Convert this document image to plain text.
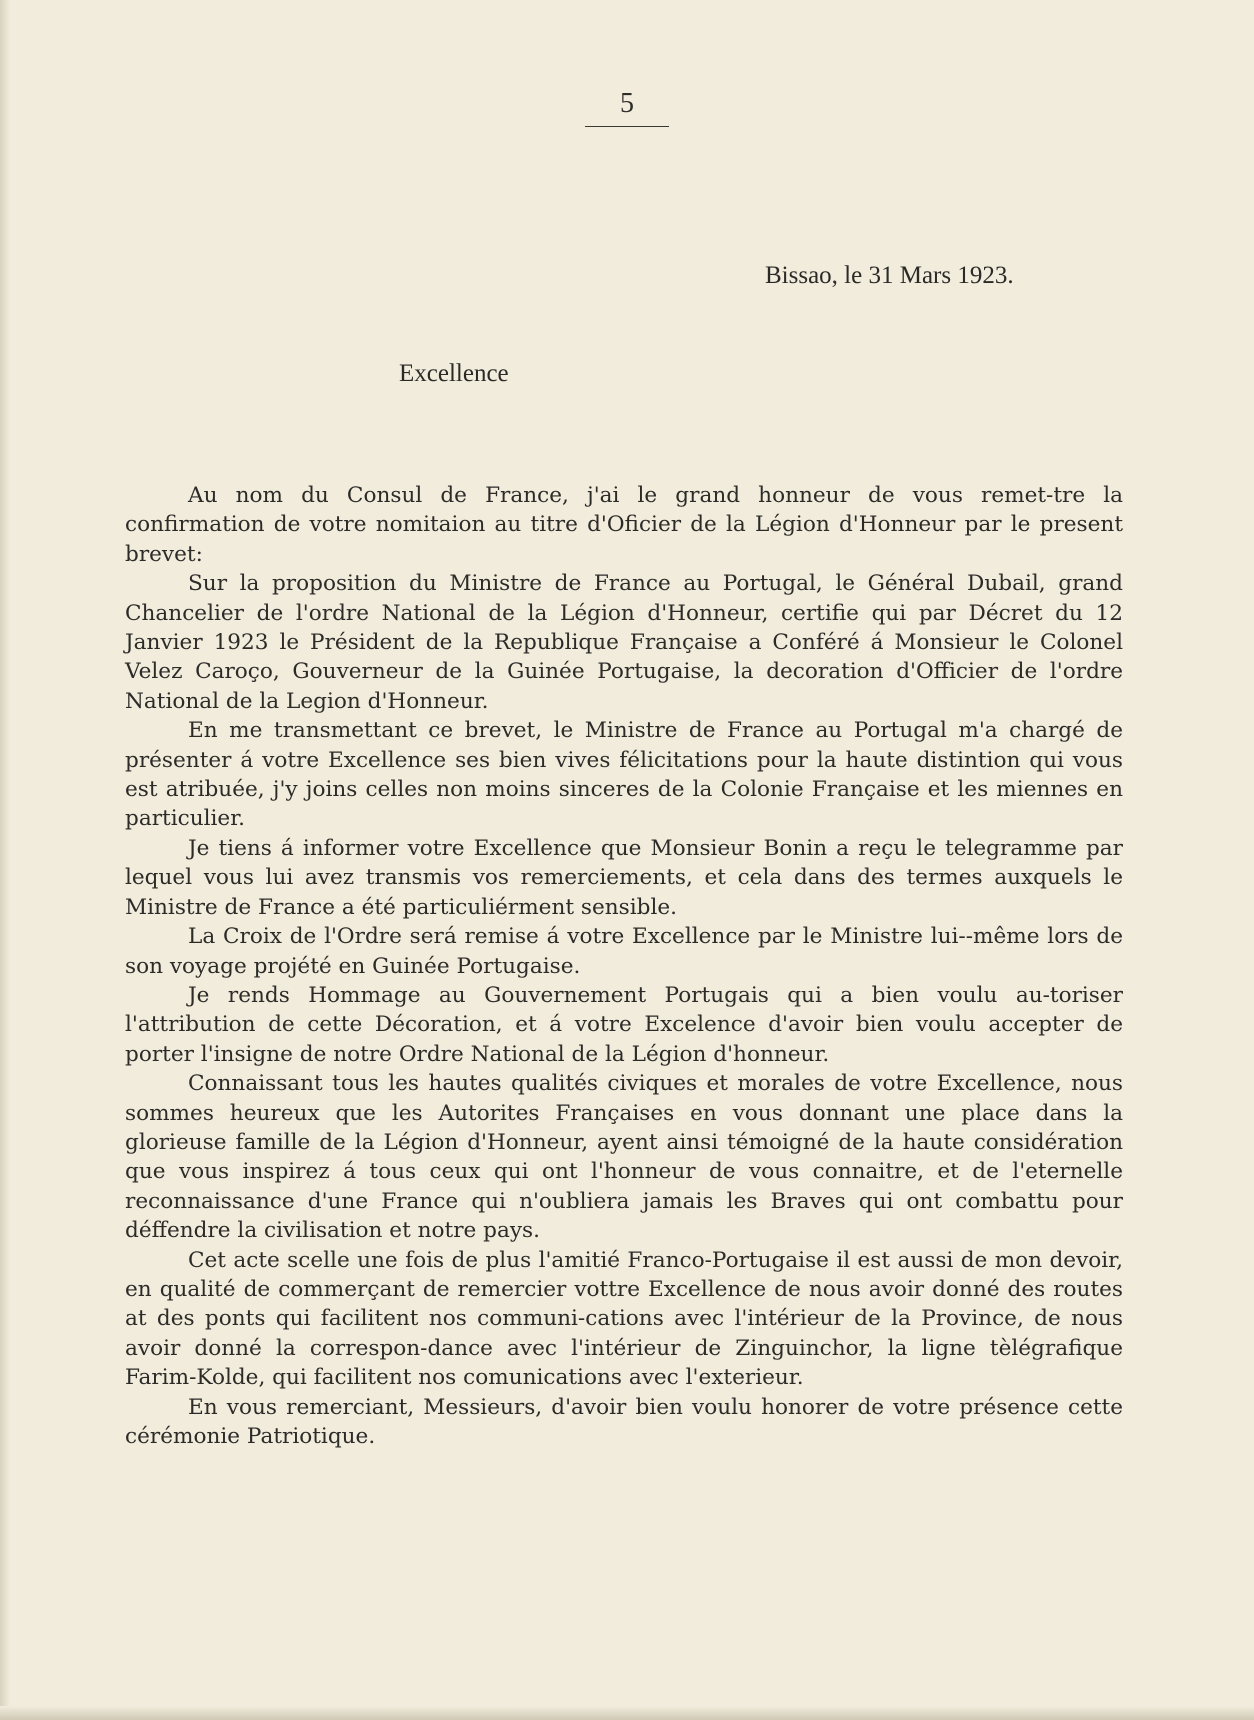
5
Bissao, le 31 Mars 1923.
Excellence

Au nom du Consul de France, j'ai le grand honneur de vous remet-tre la confirmation de votre nomitaion au titre d'Oficier de la Légion d'Honneur par le present brevet:

Sur la proposition du Ministre de France au Portugal, le Général Dubail, grand Chancelier de l'ordre National de la Légion d'Honneur, certifie qui par Décret du 12 Janvier 1923 le Président de la Republique Française a Conféré á Monsieur le Colonel Velez Caroço, Gouverneur de la Guinée Portugaise, la decoration d'Officier de l'ordre National de la Legion d'Honneur.

En me transmettant ce brevet, le Ministre de France au Portugal m'a chargé de présenter á votre Excellence ses bien vives félicitations pour la haute distintion qui vous est atribuée, j'y joins celles non moins sinceres de la Colonie Française et les miennes en particulier.

Je tiens á informer votre Excellence que Monsieur Bonin a reçu le telegramme par lequel vous lui avez transmis vos remerciements, et cela dans des termes auxquels le Ministre de France a été particuliérment sensible.

La Croix de l'Ordre será remise á votre Excellence par le Ministre lui--même lors de son voyage projété en Guinée Portugaise.

Je rends Hommage au Gouvernement Portugais qui a bien voulu au-toriser l'attribution de cette Décoration, et á votre Excelence d'avoir bien voulu accepter de porter l'insigne de notre Ordre National de la Légion d'honneur.

Connaissant tous les hautes qualités civiques et morales de votre Excellence, nous sommes heureux que les Autorites Françaises en vous donnant une place dans la glorieuse famille de la Légion d'Honneur, ayent ainsi témoigné de la haute considération que vous inspirez á tous ceux qui ont l'honneur de vous connaitre, et de l'eternelle reconnaissance d'une France qui n'oubliera jamais les Braves qui ont combattu pour déffendre la civilisation et notre pays.

Cet acte scelle une fois de plus l'amitié Franco-Portugaise il est aussi de mon devoir, en qualité de commerçant de remercier vottre Excellence de nous avoir donné des routes at des ponts qui facilitent nos communi-cations avec l'intérieur de la Province, de nous avoir donné la correspon-dance avec l'intérieur de Zinguinchor, la ligne tèlégrafique Farim-Kolde, qui facilitent nos comunications avec l'exterieur.

En vous remerciant, Messieurs, d'avoir bien voulu honorer de votre présence cette cérémonie Patriotique.
